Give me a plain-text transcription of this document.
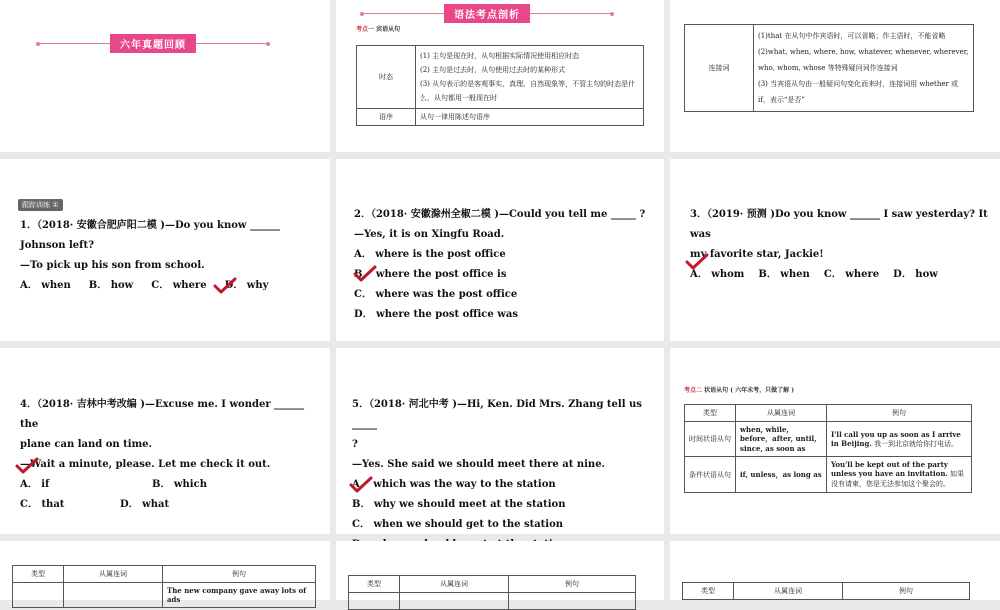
六年真题回顾
语法考点剖析
考点一 宾语从句
时态	(1) 主句是现在时，从句根据实际情况使用相应时态
(2) 主句是过去时，从句使用过去时的某种形式
(3) 从句表示的是客观事实、真理、自然现象等，不管主句的时态是什么，从句都用一般现在时

语序	从句一律用陈述句语序
连接词	
(1)that 在从句中作宾语时，可以省略；作主语时，不能省略
(2)what, when, where, how, whatever, whenever, wherever, who, whom, whose 等特殊疑问词作连接词
(3) 当宾语从句由一般疑问句变化而来时，连接词用 whether 或 if，表示“是否”
跟踪训练 ①
1．（2018· 安徽合肥庐阳二模 )—Do you know ______
Johnson left?
—To pick up his son from school.
A． when B． how C． where D． why
2．（2018· 安徽滁州全椒二模 )—Could you tell me _____ ?
—Yes, it is on Xingfu Road.
A． where is the post office
B． where the post office is
C． where was the post office
D． where the post office was
3．（2019· 预测 )Do you know ______ I saw yesterday? It was
my favorite star, Jackie!
A． whom B． when C． where D． how
4．（2018· 吉林中考改编 )—Excuse me. I wonder ______ the
plane can land on time.
—Wait a minute, please. Let me check it out.
A． if	B． which
C． that	D． what
5．（2018· 河北中考 )—Hi, Ken. Did Mrs. Zhang tell us _____
?
—Yes. She said we should meet there at nine.
A． which was the way to the station
B． why we should meet at the station
C． when we should get to the station
考点二 状语从句 ( 六年未考，只做了解 )
类型	从属连词	例句
时间状语从句	when, while, before，after, until, since, as soon as	I'll call you up as soon as I arrive in Beijing. 我一到北京就给你打电话。
条件状语从句	if, unless，as long as	You'll be kept out of the party unless you have an invitation. 如果没有请柬，您是无法参加这个聚会的。
类型	从属连词	例句
		The new company gave away lots of ads
类型	从属连词	例句

类型	从属连词	例句
